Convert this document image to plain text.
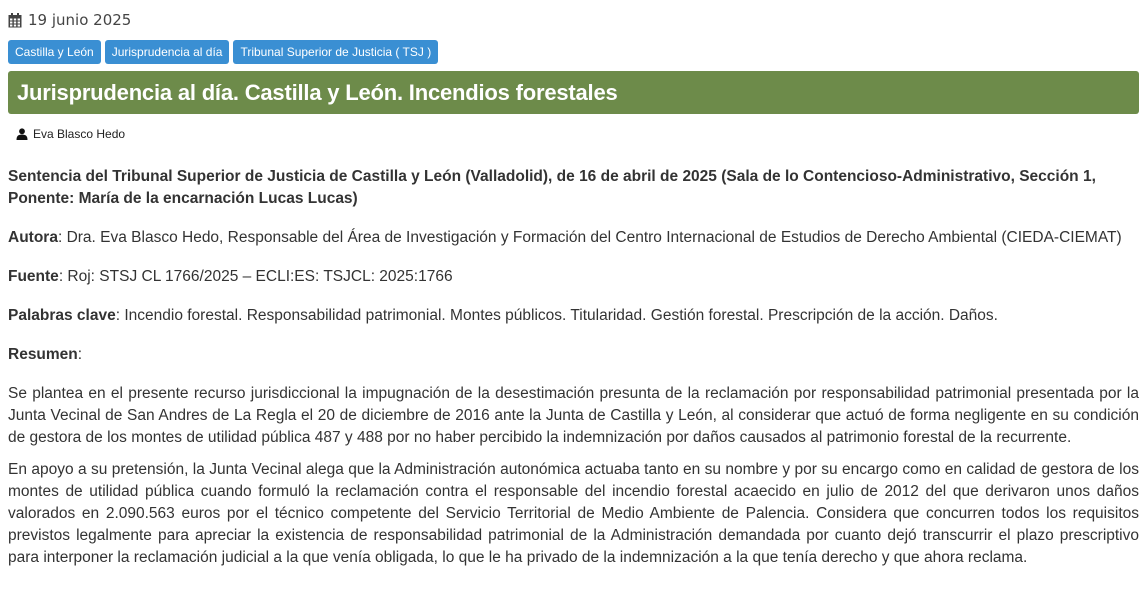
19 junio 2025
Castilla y León	Jurisprudencia al día	Tribunal Superior de Justicia ( TSJ )
Jurisprudencia al día. Castilla y León. Incendios forestales
Eva Blasco Hedo

Sentencia del Tribunal Superior de Justicia de Castilla y León (Valladolid), de 16 de abril de 2025 (Sala de lo Contencioso-Administrativo, Sección 1, Ponente: María de la encarnación Lucas Lucas)

Autora: Dra. Eva Blasco Hedo, Responsable del Área de Investigación y Formación del Centro Internacional de Estudios de Derecho Ambiental (CIEDA-CIEMAT)

Fuente: Roj: STSJ CL 1766/2025 – ECLI:ES: TSJCL: 2025:1766

Palabras clave: Incendio forestal. Responsabilidad patrimonial. Montes públicos. Titularidad. Gestión forestal. Prescripción de la acción. Daños.

Resumen:

Se plantea en el presente recurso jurisdiccional la impugnación de la desestimación presunta de la reclamación por responsabilidad patrimonial presentada por la Junta Vecinal de San Andres de La Regla el 20 de diciembre de 2016 ante la Junta de Castilla y León, al considerar que actuó de forma negligente en su condición de gestora de los montes de utilidad pública 487 y 488 por no haber percibido la indemnización por daños causados al patrimonio forestal de la recurrente.

En apoyo a su pretensión, la Junta Vecinal alega que la Administración autonómica actuaba tanto en su nombre y por su encargo como en calidad de gestora de los montes de utilidad pública cuando formuló la reclamación contra el responsable del incendio forestal acaecido en julio de 2012 del que derivaron unos daños valorados en 2.090.563 euros por el técnico competente del Servicio Territorial de Medio Ambiente de Palencia. Considera que concurren todos los requisitos previstos legalmente para apreciar la existencia de responsabilidad patrimonial de la Administración demandada por cuanto dejó transcurrir el plazo prescriptivo para interponer la reclamación judicial a la que venía obligada, lo que le ha privado de la indemnización a la que tenía derecho y que ahora reclama.
